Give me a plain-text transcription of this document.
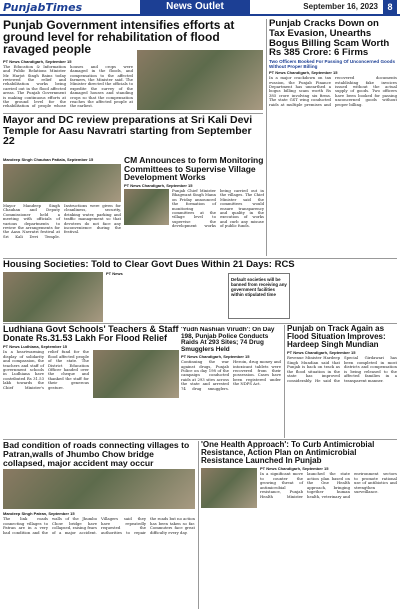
PunjabTimes	News Outlet	September 16, 2023	8
Punjab Government intensifies efforts at ground level for rehabilitation of flood ravaged people
PT News Chandigarh, September 15
The Education & Information and Public Relations Minister Mr. Harjot Singh Bains today reviewed the relief and rehabilitation works being carried out in the flood affected areas. The Punjab Government is making continuous efforts at the ground level for the rehabilitation of people whose houses and crops were damaged in the floods, and compensation to the affected farmers, the Minister said. The Minister directed the officials to expedite the survey of the damaged houses and standing crops so that the compensation reaches the affected people at the earliest.
Punjab Cracks Down on Tax Evasion, Unearths Bogus Billing Scam Worth Rs 385 Crore: 6 Firms
Two Officers Booked For Passing Of Unconcerned Goods Without Proper Billing
PT News Chandigarh, September 15
In a major crackdown on tax evasion, the Punjab Finance Department has unearthed a bogus billing scam worth Rs 385 crore involving six firms. The state GST wing conducted raids at multiple premises and recovered documents establishing fake invoices issued without the actual supply of goods. Two officers have been booked for passing unconcerned goods without proper billing.
Mayor and DC review preparations at Sri Kali Devi Temple for Aasu Navratri starting from September 22
Mandeep Singh Chauhan Patiala, September 15
Mayor Mandeep Singh Chauhan and Deputy Commissioner held a meeting with officials of various departments to review the arrangements for the Aasu Navratri festival at Sri Kali Devi Temple. Instructions were given for cleanliness, security, drinking water, parking and traffic management so that devotees do not face any inconvenience during the festival.
CM Announces to form Monitoring Committees to Supervise Village Development Works
PT News Chandigarh, September 15
Punjab Chief Minister Bhagwant Singh Mann on Friday announced the formation of monitoring committees at the village level to supervise the development works being carried out in the villages. The Chief Minister said the committees would ensure transparency and quality in the execution of works and curb any misuse of public funds.
Housing Societies: Told to Clear Govt Dues Within 21 Days: RCS
Default societies will be banned from receiving any government facilities within stipulated time
PT News
Ludhiana Govt Schools' Teachers & Staff Donate Rs.31.53 Lakh For Flood Relief
PT News Ludhiana, September 15
In a heartwarming display of solidarity and compassion, the teachers and staff of government schools in Ludhiana have contributed Rs 31.53 lakh towards the Chief Minister's relief fund for the flood affected people of the state. The District Education Officer handed over the cheque and thanked the staff for their generous gesture.
'Yudh Nashian Virudh': On Day 198, Punjab Police Conducts Raids At 293 Sites; 74 Drug Smugglers Held
PT News Chandigarh, September 15
Continuing the war against drugs, Punjab Police on day 198 of the campaign conducted raids at 293 sites across the state and arrested 74 drug smugglers. Heroin, drug money and intoxicant tablets were recovered from their possession. Cases have been registered under the NDPS Act.
Punjab on Track Again as Flood Situation Improves: Hardeep Singh Mundian
PT News Chandigarh, September 15
Revenue Minister Hardeep Singh Mundian said that Punjab is back on track as the flood situation in the state has improved considerably. He said the Special Girdawari has been completed in most districts and compensation is being released to the affected families in a transparent manner.
Bad condition of roads connecting villages to Patran,walls of Jhumbo Chow bridge collapsed, major accident may occur
Mandeep Singh Patran, September 15
The link roads connecting villages to Patran are in a very bad condition and the walls of the Jhumbo Chow bridge have collapsed, raising fears of a major accident. Villagers said they have repeatedly requested the authorities to repair the roads but no action has been taken so far. Commuters face great difficulty every day.
'One Health Approach': To Curb Antimicrobial Resistance, Action Plan on Antimicrobial Resistance Launched In Punjab
PT News Chandigarh, September 15
In a significant move to counter the growing threat of antimicrobial resistance, Punjab Health Minister launched the state action plan based on the One Health approach, bringing together human health, veterinary and environment sectors to promote rational use of antibiotics and strengthen surveillance.
